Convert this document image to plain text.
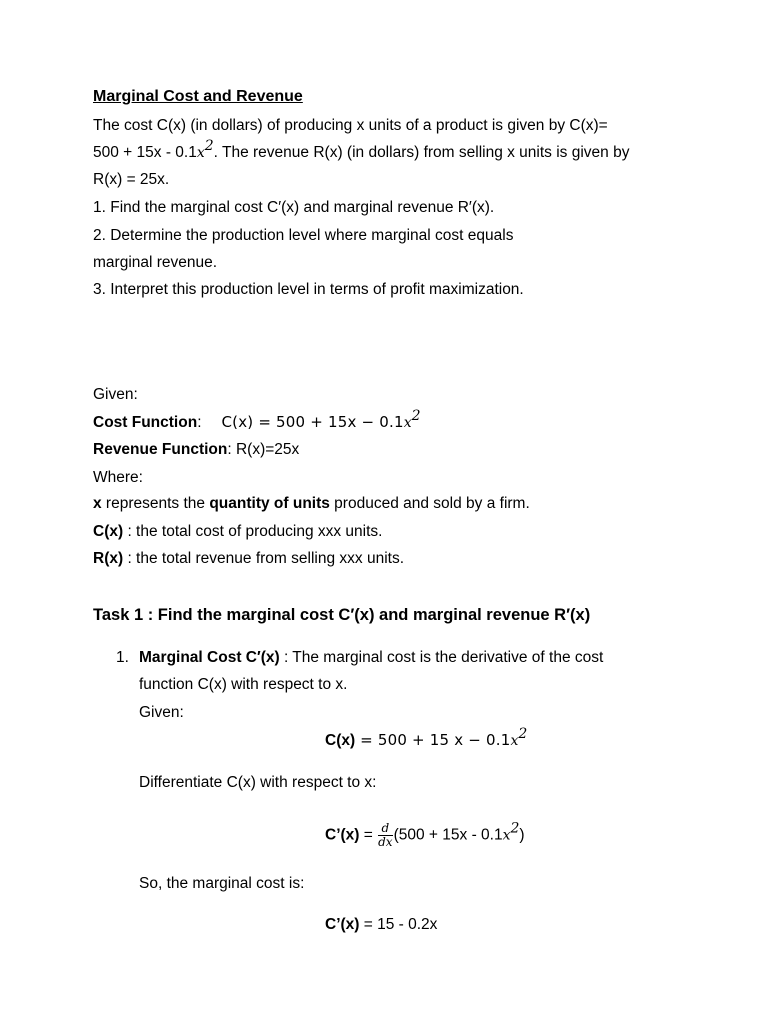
Marginal Cost and Revenue
The cost C(x) (in dollars) of producing x units of a product is given by C(x)=
$500 + 15x - 0.1x^2$. The revenue R(x) (in dollars) from selling x units is given by
R(x) = 25x.
1. Find the marginal cost C′(x) and marginal revenue R′(x).
2. Determine the production level where marginal cost equals
marginal revenue.
3. Interpret this production level in terms of profit maximization.
Given:
Cost Function: $C(x) = 500 + 15x - 0.1x^2$
Revenue Function: R(x)=25x
Where:
x represents the quantity of units produced and sold by a firm.
C(x) : the total cost of producing xxx units.
R(x) : the total revenue from selling xxx units.
Task 1 : Find the marginal cost C′(x) and marginal revenue R′(x)
1. Marginal Cost C′(x) : The marginal cost is the derivative of the cost
function C(x) with respect to x.
Given:
C(x) = 500 + 15 $x - 0.1x^2$
Differentiate C(x) with respect to x:
C’(x) = $\frac{d}{dx} (500 + 15x - 0.1x^2)$
So, the marginal cost is:
C’(x) = 15 - 0.2x
